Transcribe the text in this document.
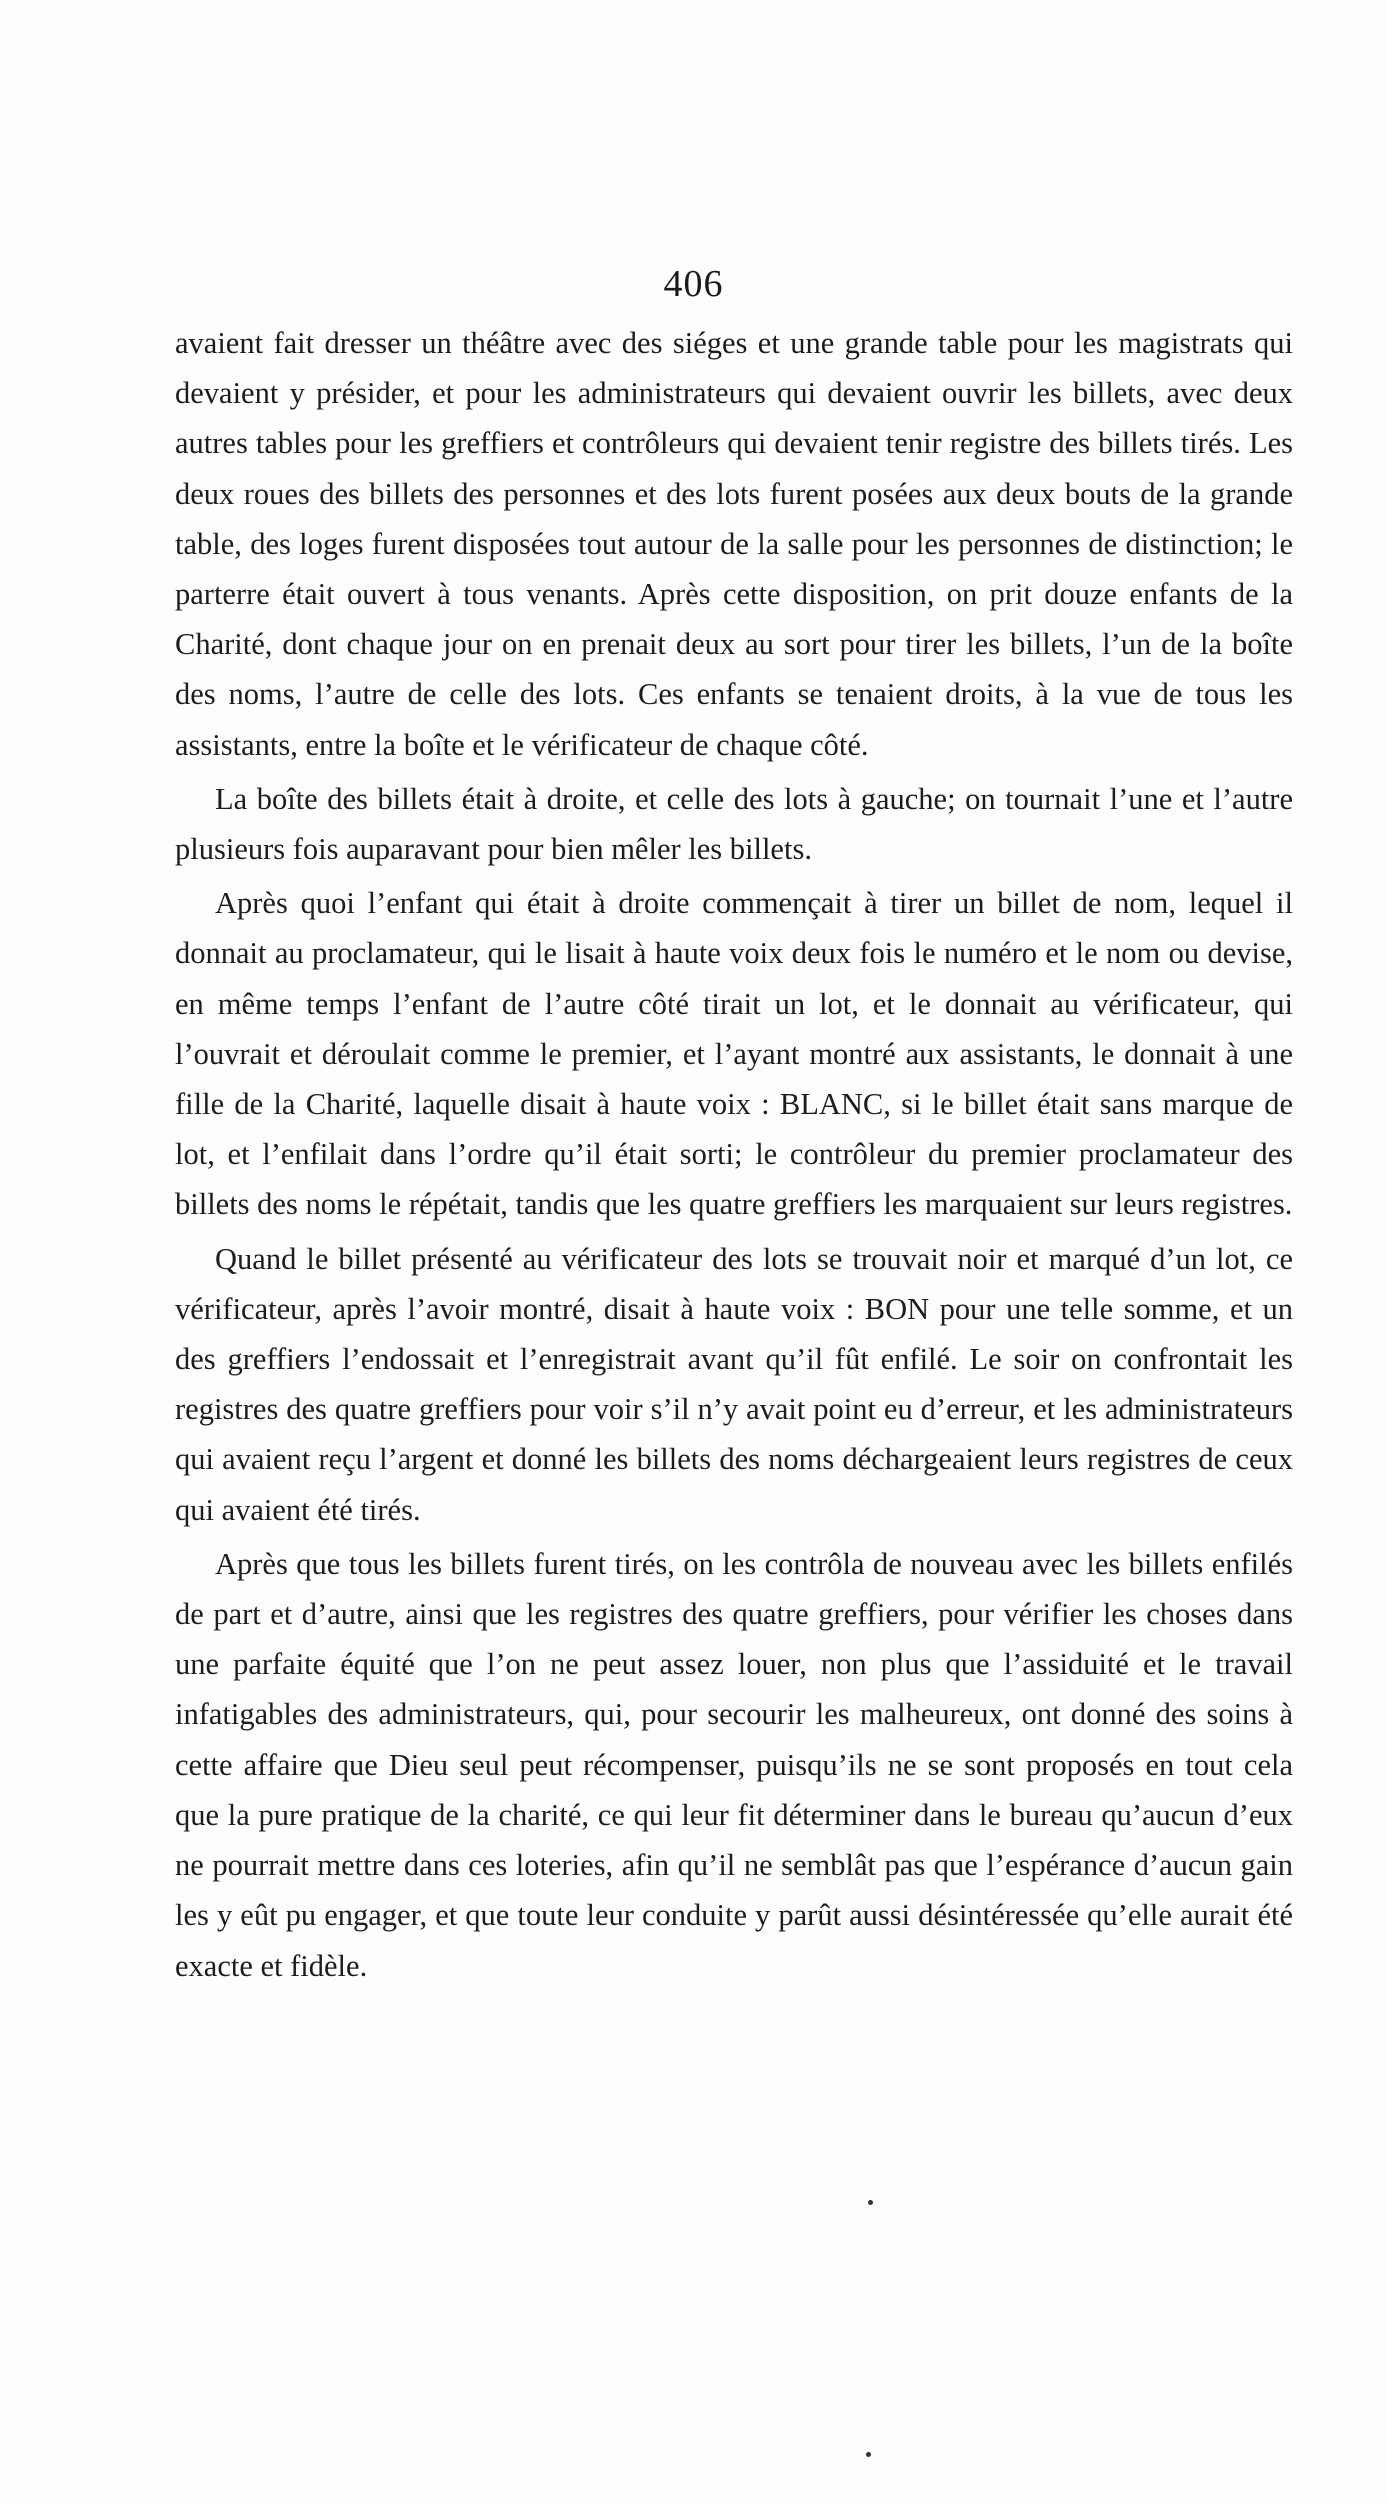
406

avaient fait dresser un théâtre avec des siéges et une grande table pour les magistrats qui devaient y présider, et pour les administrateurs qui devaient ouvrir les billets, avec deux autres tables pour les greffiers et contrôleurs qui devaient tenir registre des billets tirés. Les deux roues des billets des personnes et des lots furent posées aux deux bouts de la grande table, des loges furent disposées tout autour de la salle pour les personnes de distinction; le parterre était ouvert à tous venants. Après cette disposition, on prit douze enfants de la Charité, dont chaque jour on en prenait deux au sort pour tirer les billets, l’un de la boîte des noms, l’autre de celle des lots. Ces enfants se tenaient droits, à la vue de tous les assistants, entre la boîte et le vérificateur de chaque côté.

La boîte des billets était à droite, et celle des lots à gauche; on tournait l’une et l’autre plusieurs fois auparavant pour bien mêler les billets.

Après quoi l’enfant qui était à droite commençait à tirer un billet de nom, lequel il donnait au proclamateur, qui le lisait à haute voix deux fois le numéro et le nom ou devise, en même temps l’enfant de l’autre côté tirait un lot, et le donnait au vérificateur, qui l’ouvrait et déroulait comme le premier, et l’ayant montré aux assistants, le donnait à une fille de la Charité, laquelle disait à haute voix : BLANC, si le billet était sans marque de lot, et l’enfilait dans l’ordre qu’il était sorti; le contrôleur du premier proclamateur des billets des noms le répétait, tandis que les quatre greffiers les marquaient sur leurs registres.

Quand le billet présenté au vérificateur des lots se trouvait noir et marqué d’un lot, ce vérificateur, après l’avoir montré, disait à haute voix : BON pour une telle somme, et un des greffiers l’endossait et l’enregistrait avant qu’il fût enfilé. Le soir on confrontait les registres des quatre greffiers pour voir s’il n’y avait point eu d’erreur, et les administrateurs qui avaient reçu l’argent et donné les billets des noms déchargeaient leurs registres de ceux qui avaient été tirés.

Après que tous les billets furent tirés, on les contrôla de nouveau avec les billets enfilés de part et d’autre, ainsi que les registres des quatre greffiers, pour vérifier les choses dans une parfaite équité que l’on ne peut assez louer, non plus que l’assiduité et le travail infatigables des administrateurs, qui, pour secourir les malheureux, ont donné des soins à cette affaire que Dieu seul peut récompenser, puisqu’ils ne se sont proposés en tout cela que la pure pratique de la charité, ce qui leur fit déterminer dans le bureau qu’aucun d’eux ne pourrait mettre dans ces loteries, afin qu’il ne semblât pas que l’espérance d’aucun gain les y eût pu engager, et que toute leur conduite y parût aussi désintéressée qu’elle aurait été exacte et fidèle.
